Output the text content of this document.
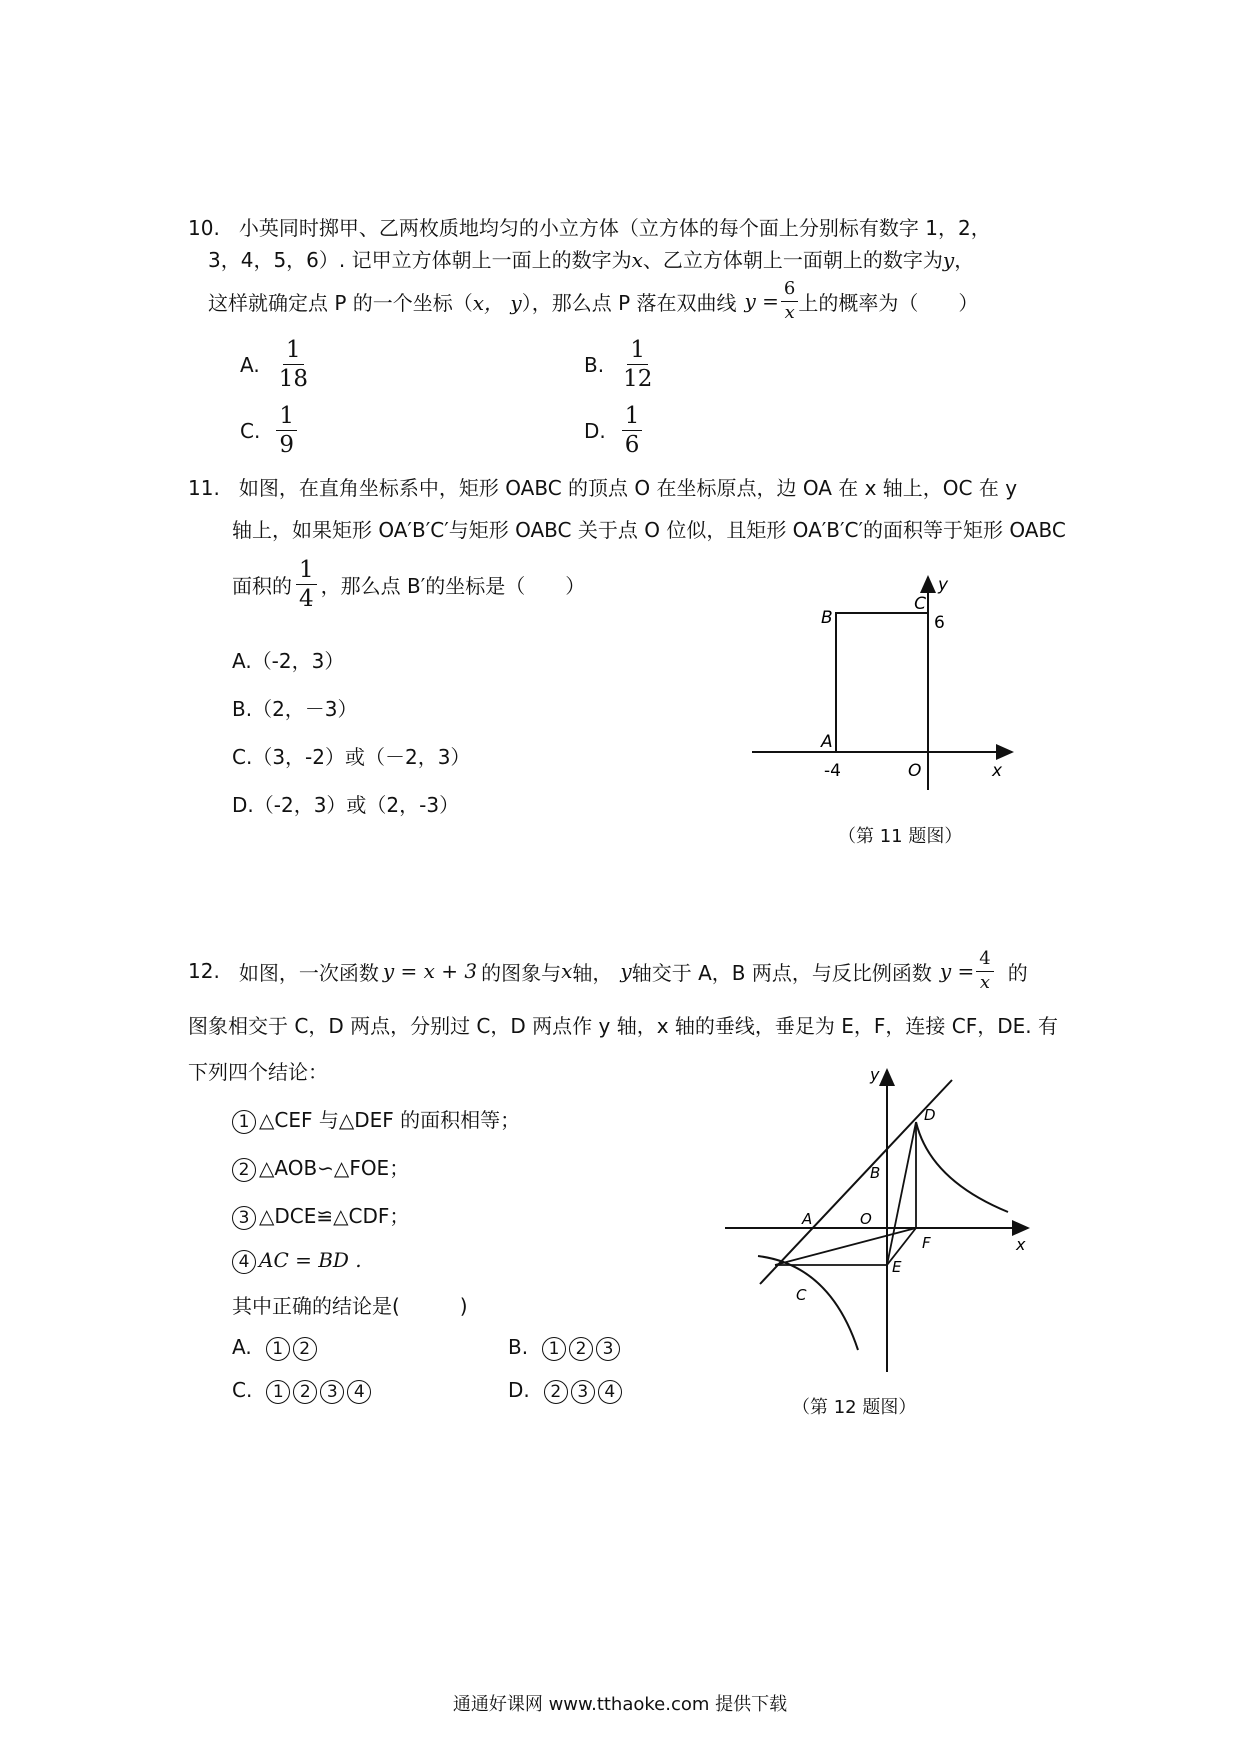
10. 小英同时掷甲、乙两枚质地均匀的小立方体（立方体的每个面上分别标有数字 1，2，
3，4，5，6）. 记甲立方体朝上一面上的数字为x、乙立方体朝上一面朝上的数字为y，
这样就确定点 P 的一个坐标（ x， y ），那么点 P 落在双曲线 $y = \frac{6}{x}$ 上的概率为（　　）
A. $\frac{1}{18}$	B. $\frac{1}{12}$
C. $\frac{1}{9}$	D. $\frac{1}{6}$
11. 如图，在直角坐标系中，矩形 OABC 的顶点 O 在坐标原点，边 OA 在 x 轴上，OC 在 y
轴上，如果矩形 OA′B′C′与矩形 OABC 关于点 O 位似，且矩形 OA′B′C′的面积等于矩形 OABC
面积的 $\frac{1}{4}$ ，那么点 B′的坐标是（　　）
A.（-2，3）
B.（2，－3）
C.（3，-2）或（－2，3）
D.（-2，3）或（2，-3）
y
C
6
B
A
-4	O	x
（第 11 题图）
12.
如图，一次函数 y = x + 3 的图象与 x 轴， y 轴交于 A，B 两点，与反比例函数 $y = \frac{4}{x}$ 的
图象相交于 C，D 两点，分别过 C，D 两点作 y 轴，x 轴的垂线，垂足为 E，F，连接 CF，DE. 有
下列四个结论：
1 △CEF 与△DEF 的面积相等；
2 △AOB∽△FOE；
3 △DCE≌△CDF；
4 AC = BD .
其中正确的结论是(　　　)
A. 1 2	B. 1 2 3
C. 1 2 3 4	D. 2 3 4
y
D
B
O
A
F
E
C
x
（第 12 题图）
通通好课网 www.tthaoke.com 提供下载
